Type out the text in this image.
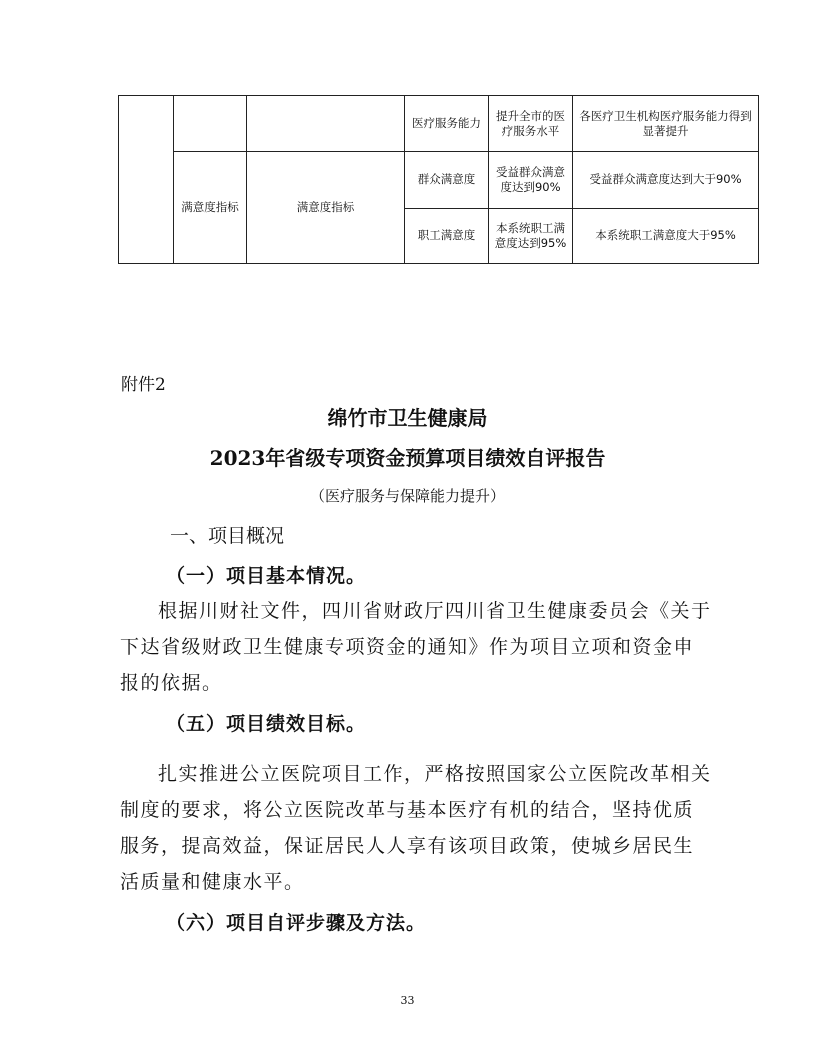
			医疗服务能力	提升全市的医疗服务水平	各医疗卫生机构医疗服务能力得到显著提升
	满意度指标	满意度指标	群众满意度	受益群众满意度达到90%	受益群众满意度达到大于90%
			职工满意度	本系统职工满意度达到95%	本系统职工满意度大于95%
附件2
绵竹市卫生健康局
2023年省级专项资金预算项目绩效自评报告
（医疗服务与保障能力提升）
一、项目概况
（一）项目基本情况。
根据川财社文件，四川省财政厅四川省卫生健康委员会《关于下达省级财政卫生健康专项资金的通知》作为项目立项和资金申报的依据。
（五）项目绩效目标。
扎实推进公立医院项目工作，严格按照国家公立医院改革相关制度的要求，将公立医院改革与基本医疗有机的结合，坚持优质服务，提高效益，保证居民人人享有该项目政策，使城乡居民生活质量和健康水平。
（六）项目自评步骤及方法。
33
